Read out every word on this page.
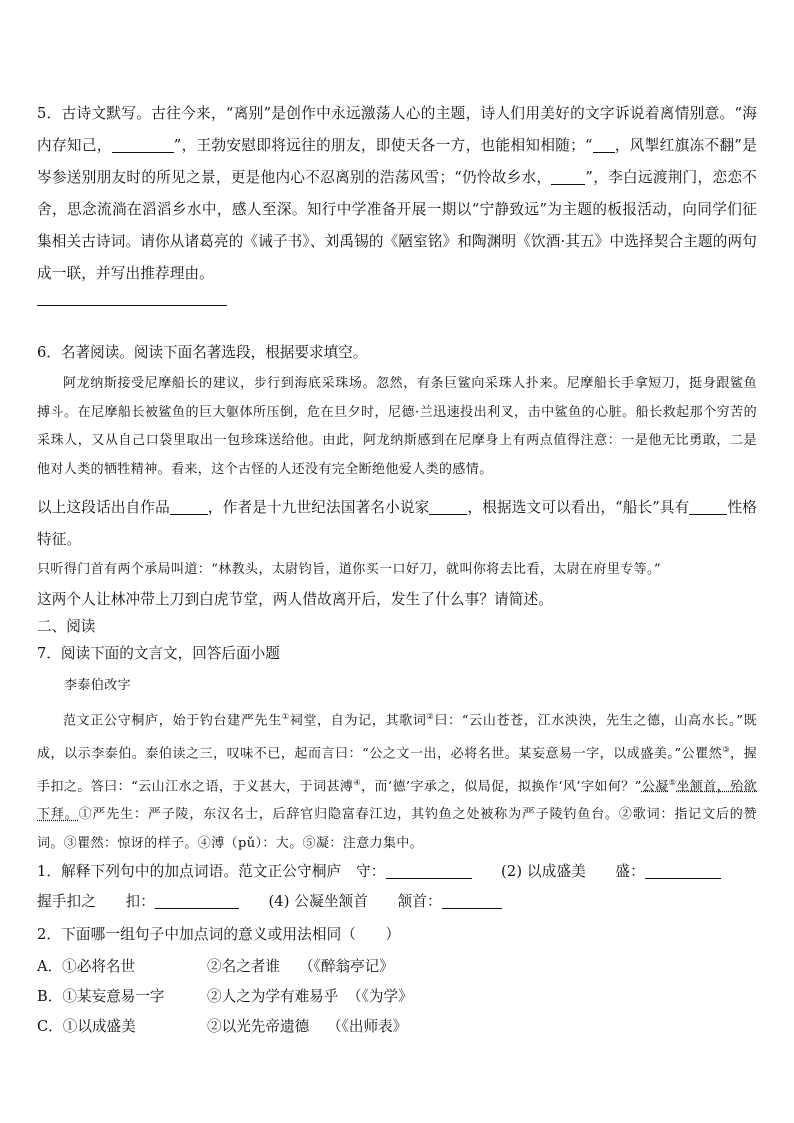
5．古诗文默写。古往今来，“离别”是创作中永远激荡人心的主题，诗人们用美好的文字诉说着离情别意。“海内存知己，	”，王勃安慰即将远往的朋友，即使天各一方，也能相知相随；“ ，风掣红旗冻不翻”是岑参送别朋友时的所见之景，更是他内心不忍离别的浩荡风雪；“仍怜故乡水， ”，李白远渡荆门，恋恋不舍，思念流淌在滔滔乡水中，感人至深。知行中学准备开展一期以“宁静致远”为主题的板报活动，向同学们征集相关古诗词。请你从诸葛亮的《诫子书》、刘禹锡的《陋室铭》和陶渊明《饮酒·其五》中选择契合主题的两句成一联，并写出推荐理由。
6．名著阅读。阅读下面名著选段，根据要求填空。
阿龙纳斯接受尼摩船长的建议，步行到海底采珠场。忽然，有条巨鲨向采珠人扑来。尼摩船长手拿短刀，挺身跟鲨鱼搏斗。在尼摩船长被鲨鱼的巨大躯体所压倒，危在旦夕时，尼德·兰迅速投出利叉，击中鲨鱼的心脏。船长救起那个穷苦的采珠人，又从自己口袋里取出一包珍珠送给他。由此，阿龙纳斯感到在尼摩身上有两点值得注意：一是他无比勇敢，二是他对人类的牺牲精神。看来，这个古怪的人还没有完全断绝他爱人类的感情。
以上这段话出自作品	，作者是十九世纪法国著名小说家	，根据选文可以看出，“船长”具有	性格特征。
只听得门首有两个承局叫道：“林教头，太尉钧旨，道你买一口好刀，就叫你将去比看，太尉在府里专等。”
这两个人让林冲带上刀到白虎节堂，两人借故离开后，发生了什么事？请简述。
二、阅读
7．阅读下面的文言文，回答后面小题
李泰伯改字
范文正公守桐庐，始于钓台建严先生①祠堂，自为记，其歌词②曰：“云山苍苍，江水泱泱，先生之德，山高水长。”既成，以示李泰伯。泰伯读之三，叹味不已，起而言曰：“公之文一出，必将名世。某妄意易一字，以成盛美。”公瞿然③，握手扣之。答曰：“云山江水之语，于义甚大，于词甚溥④，而‘德’字承之，似局促，拟换作‘风’字如何？”公凝⑤坐颔首，殆欲下拜。①严先生：严子陵，东汉名士，后辞官归隐富春江边，其钓鱼之处被称为严子陵钓鱼台。②歌词：指记文后的赞词。③瞿然：惊讶的样子。④溥（pǔ）：大。⑤凝：注意力集中。
1．解释下列句中的加点词语。范文正公守桐庐　守：　　	(2) 以成盛美　　盛：
握手扣之　　扣：　　	(4) 公凝坐颔首　　颔首：
2．下面哪一组句子中加点词的意义或用法相同（　　）
A．①必将名世	②名之者谁 （《醉翁亭记》
B．①某妄意易一字	②人之为学有难易乎 （《为学》
C．①以成盛美	②以光先帝遗德 （《出师表》
